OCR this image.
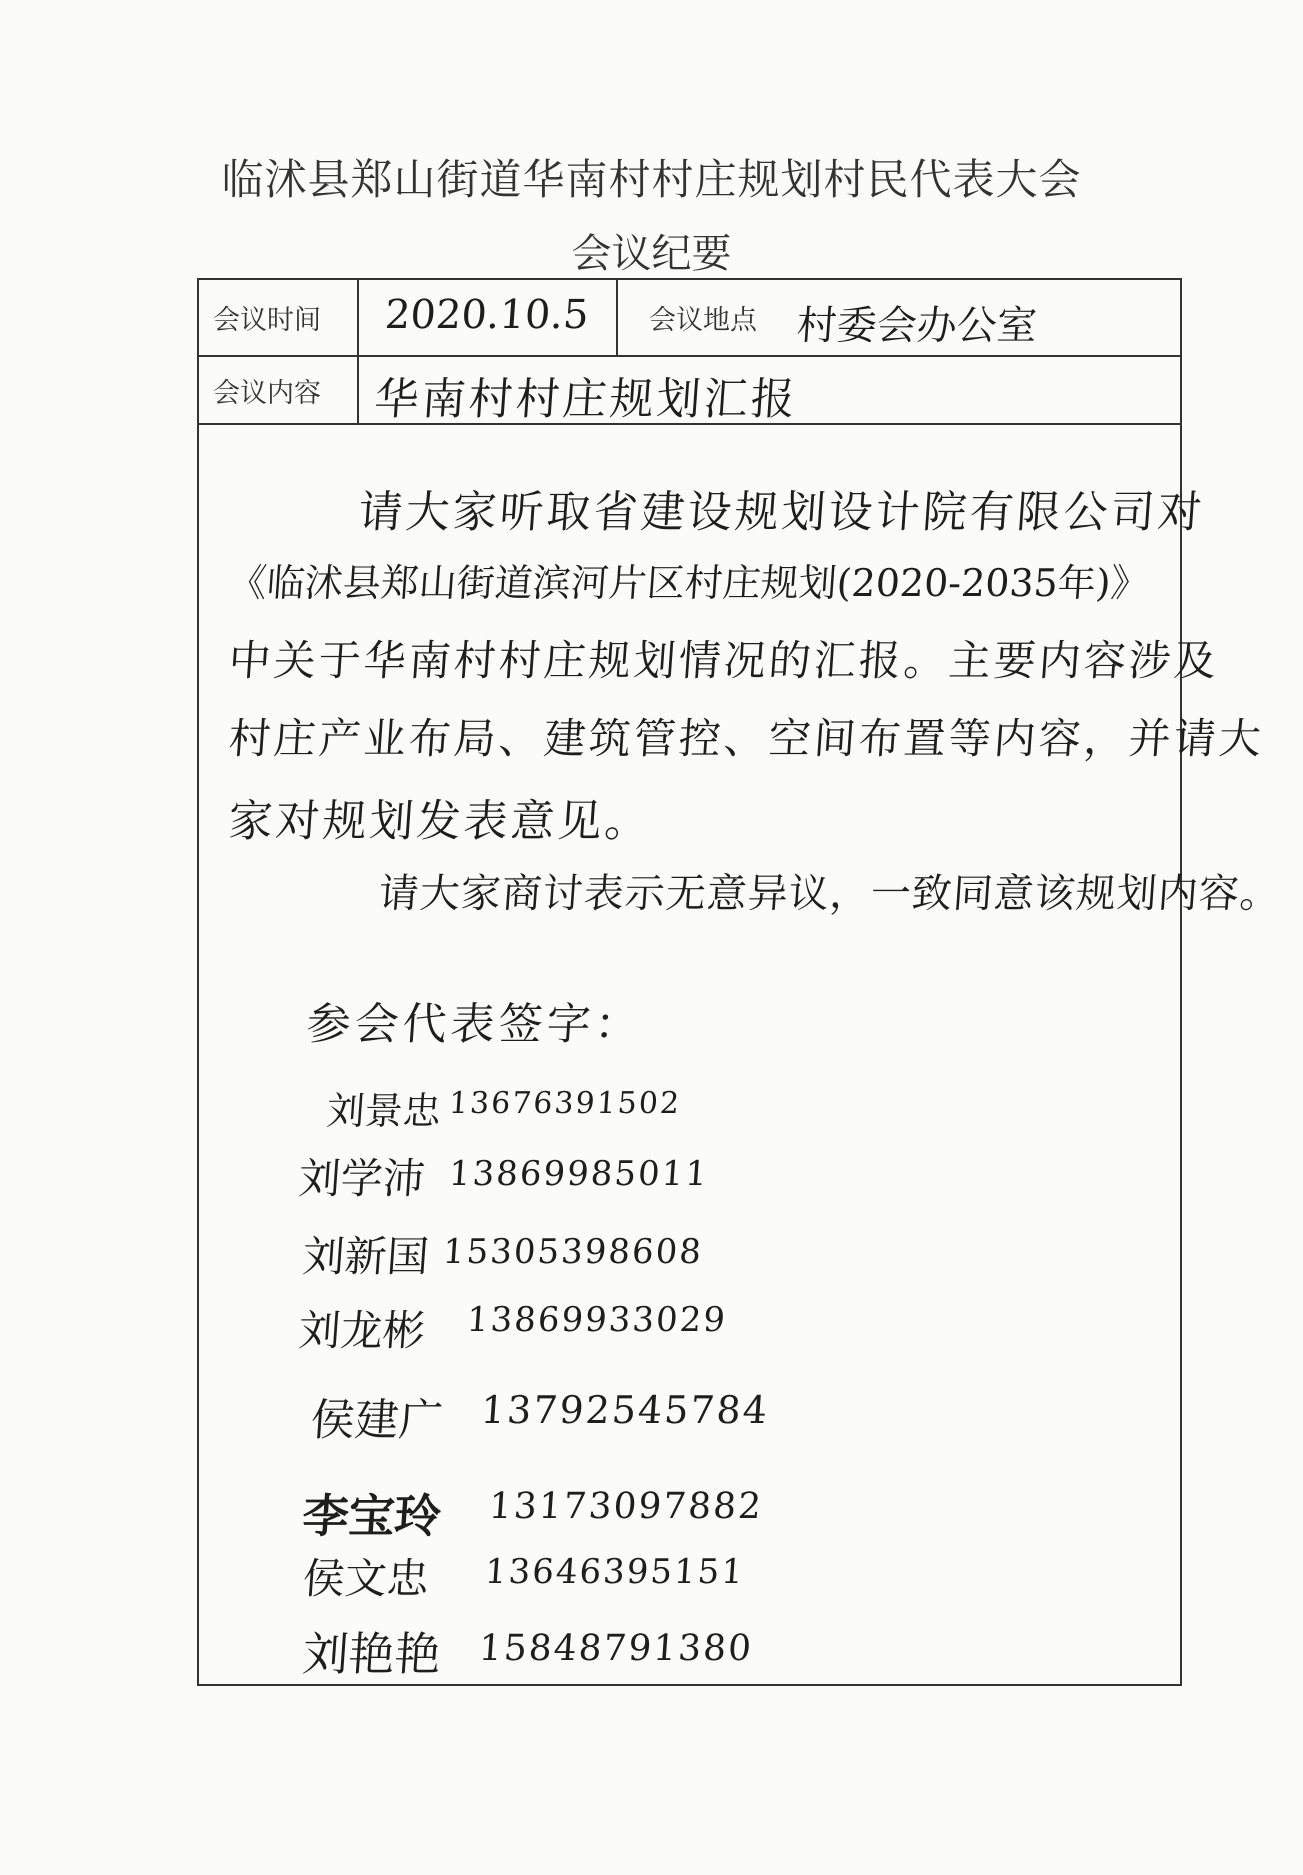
临沭县郑山街道华南村村庄规划村民代表大会
会议纪要
会议时间 2020.10.5 会议地点 村委会办公室
会议内容 华南村村庄规划汇报
请大家听取省建设规划设计院有限公司对
《临沭县郑山街道滨河片区村庄规划(2020-2035年)》
中关于华南村村庄规划情况的汇报。主要内容涉及
村庄产业布局、建筑管控、空间布置等内容，并请大
家对规划发表意见。
请大家商讨表示无意异议，一致同意该规划内容。
参会代表签字：
刘景忠 13676391502
刘学沛 13869985011
刘新国 15305398608
刘龙彬 13869933029
侯建广 13792545784
李宝玲 13173097882
侯文忠 13646395151
刘艳艳 15848791380
